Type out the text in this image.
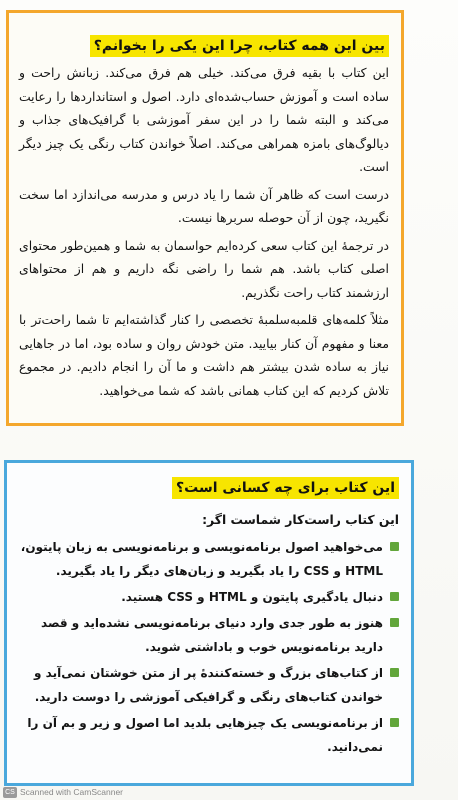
بین این همه کتاب، چرا این یکی را بخوانم؟

این کتاب با بقیه فرق می‌کند. خیلی هم فرق می‌کند. زبانش راحت و ساده است و آموزش حساب‌شده‌ای دارد. اصول و استانداردها را رعایت می‌کند و البته شما را در این سفر آموزشی با گرافیک‌های جذاب و دیالوگ‌های بامزه همراهی می‌کند. اصلاً خواندن کتاب رنگی یک چیز دیگر است.

درست است که ظاهر آن شما را یاد درس و مدرسه می‌اندازد اما سخت نگیرید، چون از آن حوصله سربرها نیست.

در ترجمهٔ این کتاب سعی کرده‌ایم حواسمان به شما و همین‌طور محتوای اصلی کتاب باشد. هم شما را راضی نگه داریم و هم از محتواهای ارزشمند کتاب راحت نگذریم.

مثلاً کلمه‌های قلمبه‌سلمبهٔ تخصصی را کنار گذاشته‌ایم تا شما راحت‌تر با معنا و مفهوم آن کنار بیایید. متن خودش روان و ساده بود، اما در جاهایی نیاز به ساده شدن بیشتر هم داشت و ما آن را انجام دادیم. در مجموع تلاش کردیم که این کتاب همانی باشد که شما می‌خواهید.

این کتاب برای چه کسانی است؟

این کتاب راست‌کار شماست اگر:

می‌خواهید اصول برنامه‌نویسی و برنامه‌نویسی به زبان پایتون، HTML و CSS را یاد بگیرید و زبان‌های دیگر را یاد بگیرید.
دنبال یادگیری پایتون و HTML و CSS هستید.
هنوز به طور جدی وارد دنیای برنامه‌نویسی نشده‌اید و قصد دارید برنامه‌نویس خوب و باداشتی شوید.
از کتاب‌های بزرگ و خسته‌کنندهٔ پر از متن خوشتان نمی‌آید و خواندن کتاب‌های رنگی و گرافیکی آموزشی را دوست دارید.
از برنامه‌نویسی یک چیزهایی بلدید اما اصول و زیر و بم آن را نمی‌دانید.
CS Scanned with CamScanner
